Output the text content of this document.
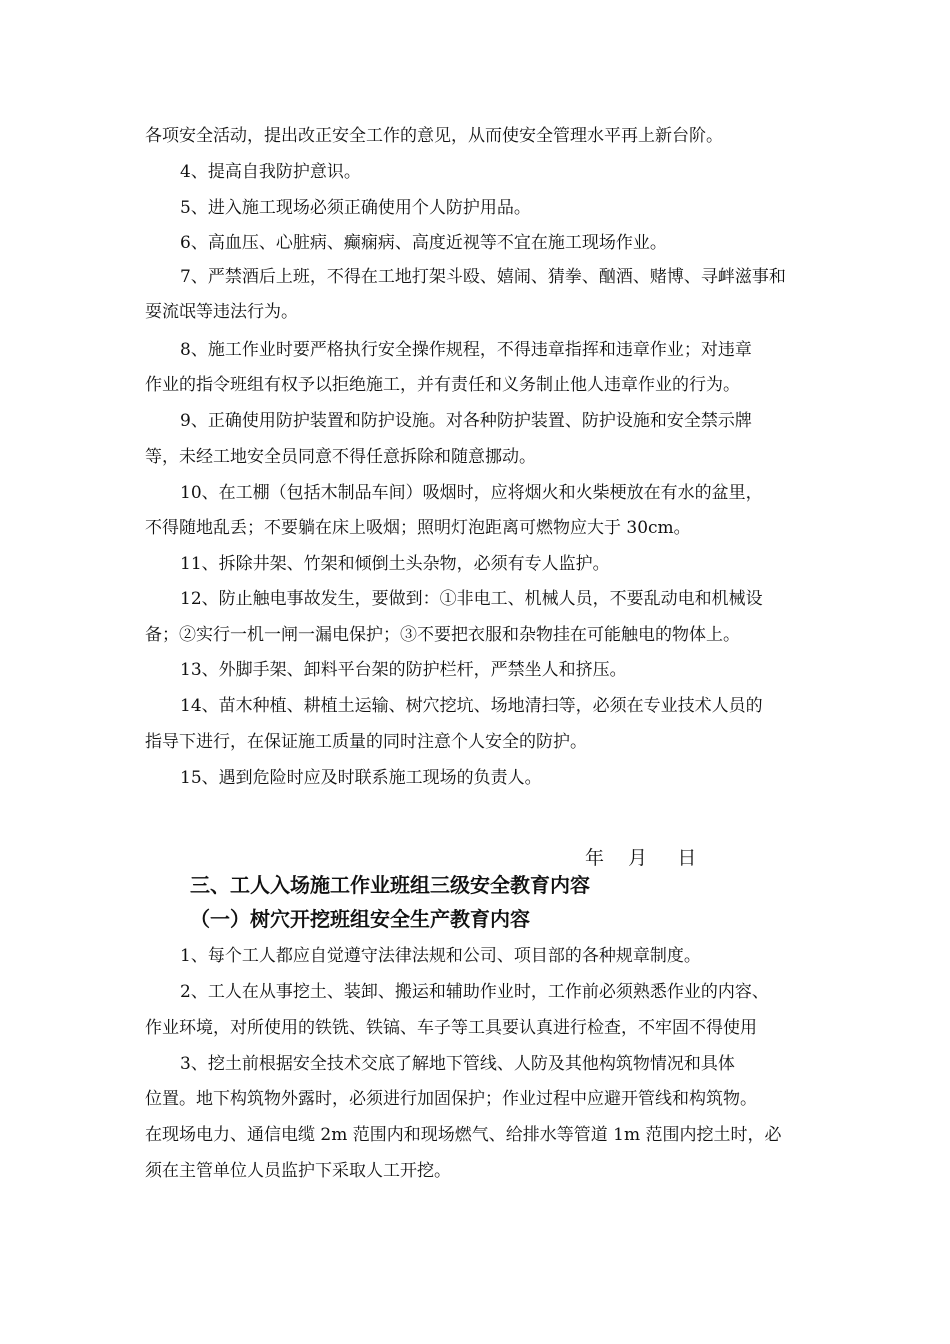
各项安全活动，提出改正安全工作的意见，从而使安全管理水平再上新台阶。
4、提高自我防护意识。
5、进入施工现场必须正确使用个人防护用品。
6、高血压、心脏病、癫痫病、高度近视等不宜在施工现场作业。
7、严禁酒后上班，不得在工地打架斗殴、嬉闹、猜拳、酗酒、赌博、寻衅滋事和
耍流氓等违法行为。
8、施工作业时要严格执行安全操作规程，不得违章指挥和违章作业；对违章
作业的指令班组有权予以拒绝施工，并有责任和义务制止他人违章作业的行为。
9、正确使用防护装置和防护设施。对各种防护装置、防护设施和安全禁示牌
等，未经工地安全员同意不得任意拆除和随意挪动。
10、在工棚（包括木制品车间）吸烟时，应将烟火和火柴梗放在有水的盆里，
不得随地乱丢；不要躺在床上吸烟；照明灯泡距离可燃物应大于 30cm。
11、拆除井架、竹架和倾倒土头杂物，必须有专人监护。
12、防止触电事故发生，要做到：①非电工、机械人员，不要乱动电和机械设
备；②实行一机一闸一漏电保护；③不要把衣服和杂物挂在可能触电的物体上。
13、外脚手架、卸料平台架的防护栏杆，严禁坐人和挤压。
14、苗木种植、耕植土运输、树穴挖坑、场地清扫等，必须在专业技术人员的
指导下进行，在保证施工质量的同时注意个人安全的防护。
15、遇到危险时应及时联系施工现场的负责人。
年    月     日
三、工人入场施工作业班组三级安全教育内容
（一）树穴开挖班组安全生产教育内容
1、每个工人都应自觉遵守法律法规和公司、项目部的各种规章制度。
2、工人在从事挖土、装卸、搬运和辅助作业时，工作前必须熟悉作业的内容、
作业环境，对所使用的铁铣、铁镐、车子等工具要认真进行检查，不牢固不得使用
3、挖土前根据安全技术交底了解地下管线、人防及其他构筑物情况和具体
位置。地下构筑物外露时，必须进行加固保护；作业过程中应避开管线和构筑物。
在现场电力、通信电缆 2m 范围内和现场燃气、给排水等管道 1m 范围内挖土时，必
须在主管单位人员监护下采取人工开挖。
